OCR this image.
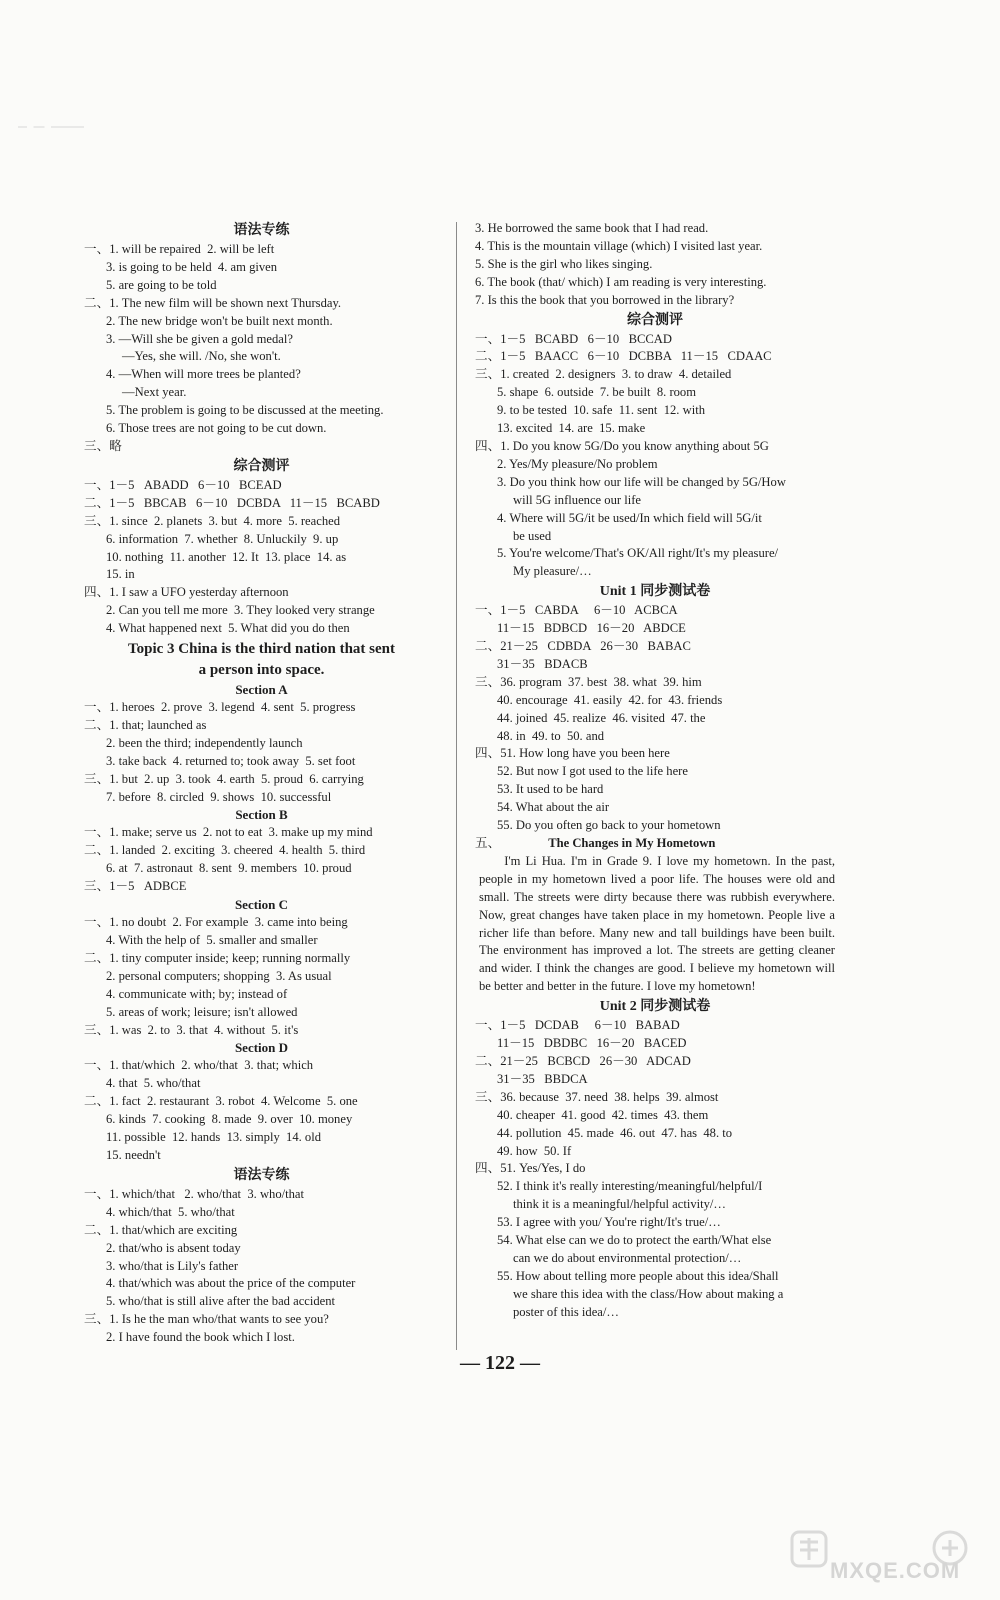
语法专练
一、1. will be repaired  2. will be left
3. is going to be held  4. am given
5. are going to be told
二、1. The new film will be shown next Thursday.
2. The new bridge won't be built next month.
3. —Will she be given a gold medal?
—Yes, she will. /No, she won't.
4. —When will more trees be planted?
—Next year.
5. The problem is going to be discussed at the meeting.
6. Those trees are not going to be cut down.
三、略
综合测评
一、1－5   ABADD   6－10   BCEAD
二、1－5   BBCAB   6－10   DCBDA   11－15   BCABD
三、1. since  2. planets  3. but  4. more  5. reached
6. information  7. whether  8. Unluckily  9. up
10. nothing  11. another  12. It  13. place  14. as
15. in
四、1. I saw a UFO yesterday afternoon
2. Can you tell me more  3. They looked very strange
4. What happened next  5. What did you do then
Topic 3 China is the third nation that sent
a person into space.
Section A
一、1. heroes  2. prove  3. legend  4. sent  5. progress
二、1. that; launched as
2. been the third; independently launch
3. take back  4. returned to; took away  5. set foot
三、1. but  2. up  3. took  4. earth  5. proud  6. carrying
7. before  8. circled  9. shows  10. successful
Section B
一、1. make; serve us  2. not to eat  3. make up my mind
二、1. landed  2. exciting  3. cheered  4. health  5. third
6. at  7. astronaut  8. sent  9. members  10. proud
三、1－5   ADBCE
Section C
一、1. no doubt  2. For example  3. came into being
4. With the help of  5. smaller and smaller
二、1. tiny computer inside; keep; running normally
2. personal computers; shopping  3. As usual
4. communicate with; by; instead of
5. areas of work; leisure; isn't allowed
三、1. was  2. to  3. that  4. without  5. it's
Section D
一、1. that/which  2. who/that  3. that; which
4. that  5. who/that
二、1. fact  2. restaurant  3. robot  4. Welcome  5. one
6. kinds  7. cooking  8. made  9. over  10. money
11. possible  12. hands  13. simply  14. old
15. needn't
语法专练
一、1. which/that   2. who/that  3. who/that
4. which/that  5. who/that
二、1. that/which are exciting
2. that/who is absent today
3. who/that is Lily's father
4. that/which was about the price of the computer
5. who/that is still alive after the bad accident
三、1. Is he the man who/that wants to see you?
2. I have found the book which I lost.
3. He borrowed the same book that I had read.
4. This is the mountain village (which) I visited last year.
5. She is the girl who likes singing.
6. The book (that/ which) I am reading is very interesting.
7. Is this the book that you borrowed in the library?
综合测评
一、1－5   BCABD   6－10   BCCAD
二、1－5   BAACC   6－10   DCBBA   11－15   CDAAC
三、1. created  2. designers  3. to draw  4. detailed
5. shape  6. outside  7. be built  8. room
9. to be tested  10. safe  11. sent  12. with
13. excited  14. are  15. make
四、1. Do you know 5G/Do you know anything about 5G
2. Yes/My pleasure/No problem
3. Do you think how our life will be changed by 5G/How
will 5G influence our life
4. Where will 5G/it be used/In which field will 5G/it
be used
5. You're welcome/That's OK/All right/It's my pleasure/
My pleasure/…
Unit 1 同步测试卷
一、1－5   CABDA     6－10   ACBCA
11－15   BDBCD   16－20   ABDCE
二、21－25   CDBDA   26－30   BABAC
31－35   BDACB
三、36. program  37. best  38. what  39. him
40. encourage  41. easily  42. for  43. friends
44. joined  45. realize  46. visited  47. the
48. in  49. to  50. and
四、51. How long have you been here
52. But now I got used to the life here
53. It used to be hard
54. What about the air
55. Do you often go back to your hometown
五、	The Changes in My Hometown

I'm Li Hua. I'm in Grade 9. I love my hometown. In the past, people in my hometown lived a poor life. The houses were old and small. The streets were dirty because there was rubbish everywhere. Now, great changes have taken place in my hometown. People live a richer life than before. Many new and tall buildings have been built. The environment has improved a lot. The streets are getting cleaner and wider. I think the changes are good. I believe my hometown will be better and better in the future. I love my hometown!

Unit 2 同步测试卷
一、1－5   DCDAB     6－10   BABAD
11－15   DBDBC   16－20   BACED
二、21－25   BCBCD   26－30   ADCAD
31－35   BBDCA
三、36. because  37. need  38. helps  39. almost
40. cheaper  41. good  42. times  43. them
44. pollution  45. made  46. out  47. has  48. to
49. how  50. If
四、51. Yes/Yes, I do
52. I think it's really interesting/meaningful/helpful/I
think it is a meaningful/helpful activity/…
53. I agree with you/ You're right/It's true/…
54. What else can we do to protect the earth/What else
can we do about environmental protection/…
55. How about telling more people about this idea/Shall
we share this idea with the class/How about making a
poster of this idea/…
— 122 —
MXQE.COM
